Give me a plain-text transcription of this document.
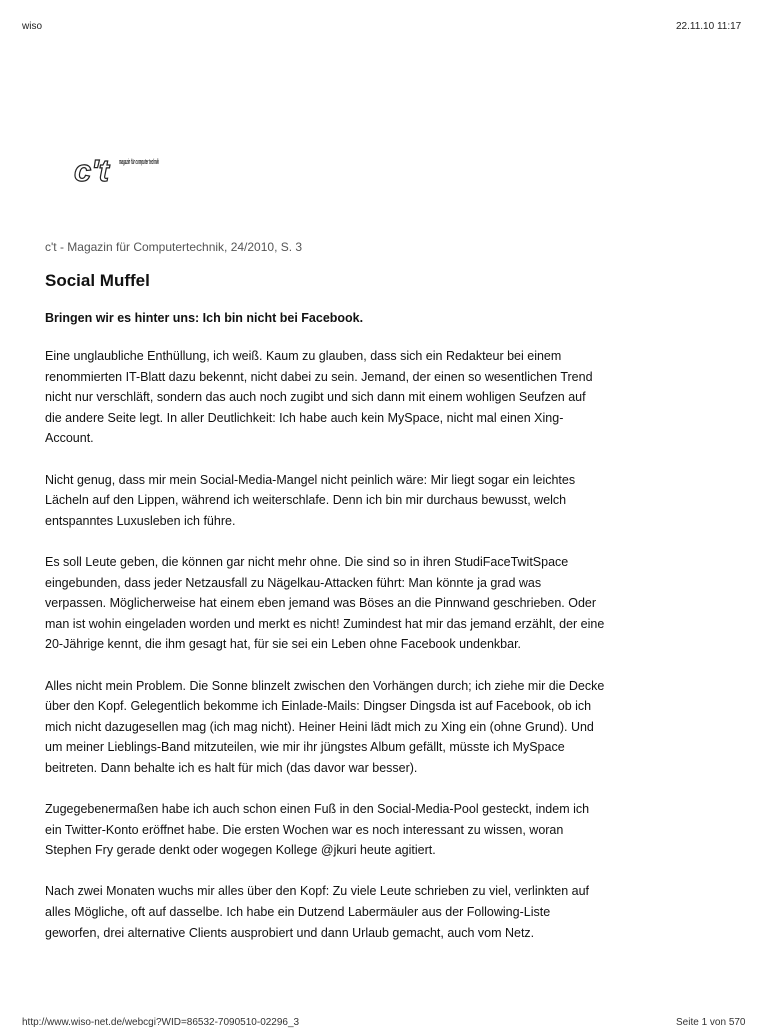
wiso	22.11.10 11:17
c't magazin für computer technik
c't - Magazin für Computertechnik, 24/2010, S. 3
Social Muffel

Bringen wir es hinter uns: Ich bin nicht bei Facebook.

Eine unglaubliche Enthüllung, ich weiß. Kaum zu glauben, dass sich ein Redakteur bei einem renommierten IT-Blatt dazu bekennt, nicht dabei zu sein. Jemand, der einen so wesentlichen Trend nicht nur verschläft, sondern das auch noch zugibt und sich dann mit einem wohligen Seufzen auf die andere Seite legt. In aller Deutlichkeit: Ich habe auch kein MySpace, nicht mal einen Xing-Account.

Nicht genug, dass mir mein Social-Media-Mangel nicht peinlich wäre: Mir liegt sogar ein leichtes Lächeln auf den Lippen, während ich weiterschlafe. Denn ich bin mir durchaus bewusst, welch entspanntes Luxusleben ich führe.

Es soll Leute geben, die können gar nicht mehr ohne. Die sind so in ihren StudiFaceTwitSpace eingebunden, dass jeder Netzausfall zu Nägelkau-Attacken führt: Man könnte ja grad was verpassen. Möglicherweise hat einem eben jemand was Böses an die Pinnwand geschrieben. Oder man ist wohin eingeladen worden und merkt es nicht! Zumindest hat mir das jemand erzählt, der eine 20-Jährige kennt, die ihm gesagt hat, für sie sei ein Leben ohne Facebook undenkbar.

Alles nicht mein Problem. Die Sonne blinzelt zwischen den Vorhängen durch; ich ziehe mir die Decke über den Kopf. Gelegentlich bekomme ich Einlade-Mails: Dingser Dingsda ist auf Facebook, ob ich mich nicht dazugesellen mag (ich mag nicht). Heiner Heini lädt mich zu Xing ein (ohne Grund). Und um meiner Lieblings-Band mitzuteilen, wie mir ihr jüngstes Album gefällt, müsste ich MySpace beitreten. Dann behalte ich es halt für mich (das davor war besser).

Zugegebenermaßen habe ich auch schon einen Fuß in den Social-Media-Pool gesteckt, indem ich ein Twitter-Konto eröffnet habe. Die ersten Wochen war es noch interessant zu wissen, woran Stephen Fry gerade denkt oder wogegen Kollege @jkuri heute agitiert.

Nach zwei Monaten wuchs mir alles über den Kopf: Zu viele Leute schrieben zu viel, verlinkten auf alles Mögliche, oft auf dasselbe. Ich habe ein Dutzend Labermäuler aus der Following-Liste geworfen, drei alternative Clients ausprobiert und dann Urlaub gemacht, auch vom Netz.

http://www.wiso-net.de/webcgi?WID=86532-7090510-02296_3	Seite 1 von 570
